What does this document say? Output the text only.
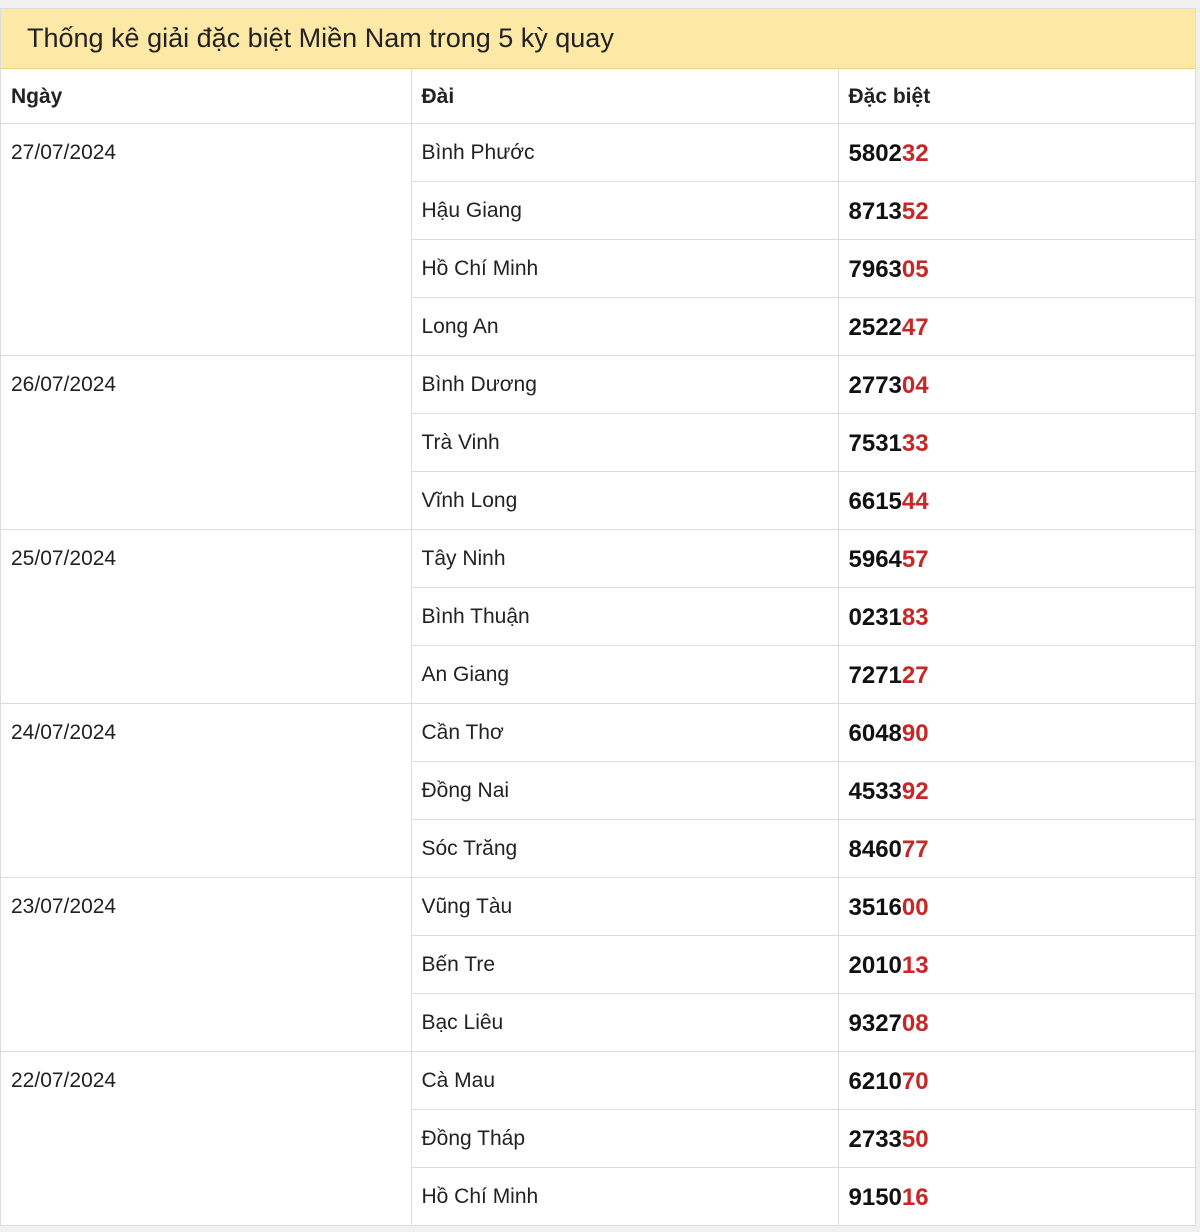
Thống kê giải đặc biệt Miền Nam trong 5 kỳ quay
Ngày	Đài	Đặc biệt
27/07/2024	Bình Phước	580232
	Hậu Giang	871352
	Hồ Chí Minh	796305
	Long An	252247
26/07/2024	Bình Dương	277304
	Trà Vinh	753133
	Vĩnh Long	661544
25/07/2024	Tây Ninh	596457
	Bình Thuận	023183
	An Giang	727127
24/07/2024	Cần Thơ	604890
	Đồng Nai	453392
	Sóc Trăng	846077
23/07/2024	Vũng Tàu	351600
	Bến Tre	201013
	Bạc Liêu	932708
22/07/2024	Cà Mau	621070
	Đồng Tháp	273350
	Hồ Chí Minh	915016
